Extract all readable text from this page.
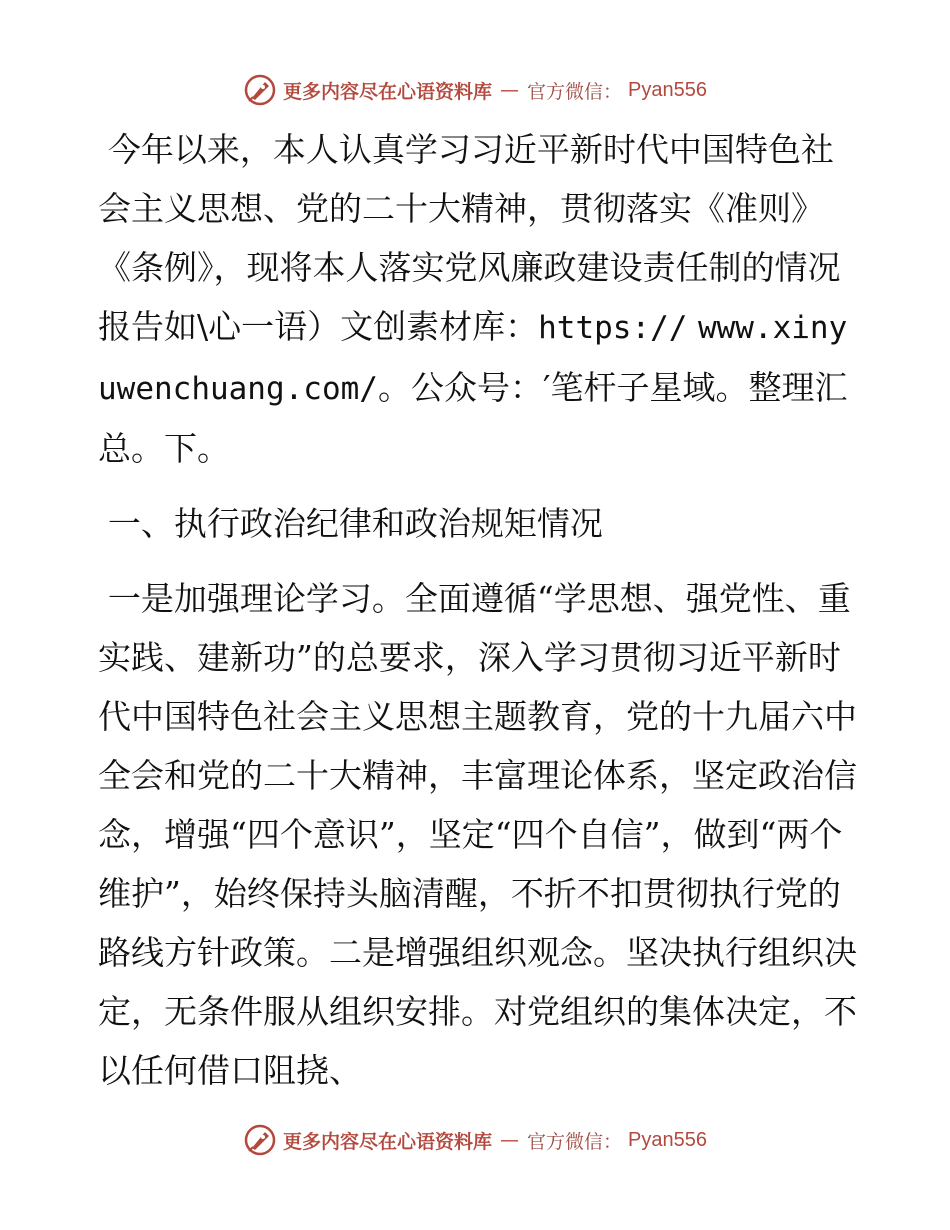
更多内容尽在心语资料库 — 官方微信： Pyan556

今年以来，本人认真学习习近平新时代中国特色社会主义思想、党的二十大精神，贯彻落实《准则》《条例》，现将本人落实党风廉政建设责任制的情况报告如\心一语）文创素材库：https:// www.xinyuwenchuang.com/。公众号：′笔杆子星域。整理汇总。下。

一、执行政治纪律和政治规矩情况

一是加强理论学习。全面遵循“学思想、强党性、重实践、建新功”的总要求，深入学习贯彻习近平新时代中国特色社会主义思想主题教育，党的十九届六中全会和党的二十大精神，丰富理论体系，坚定政治信念，增强“四个意识”，坚定“四个自信”，做到“两个维护”，始终保持头脑清醒，不折不扣贯彻执行党的路线方针政策。二是增强组织观念。坚决执行组织决定，无条件服从组织安排。对党组织的集体决定，不以任何借口阻挠、

更多内容尽在心语资料库 — 官方微信： Pyan556
